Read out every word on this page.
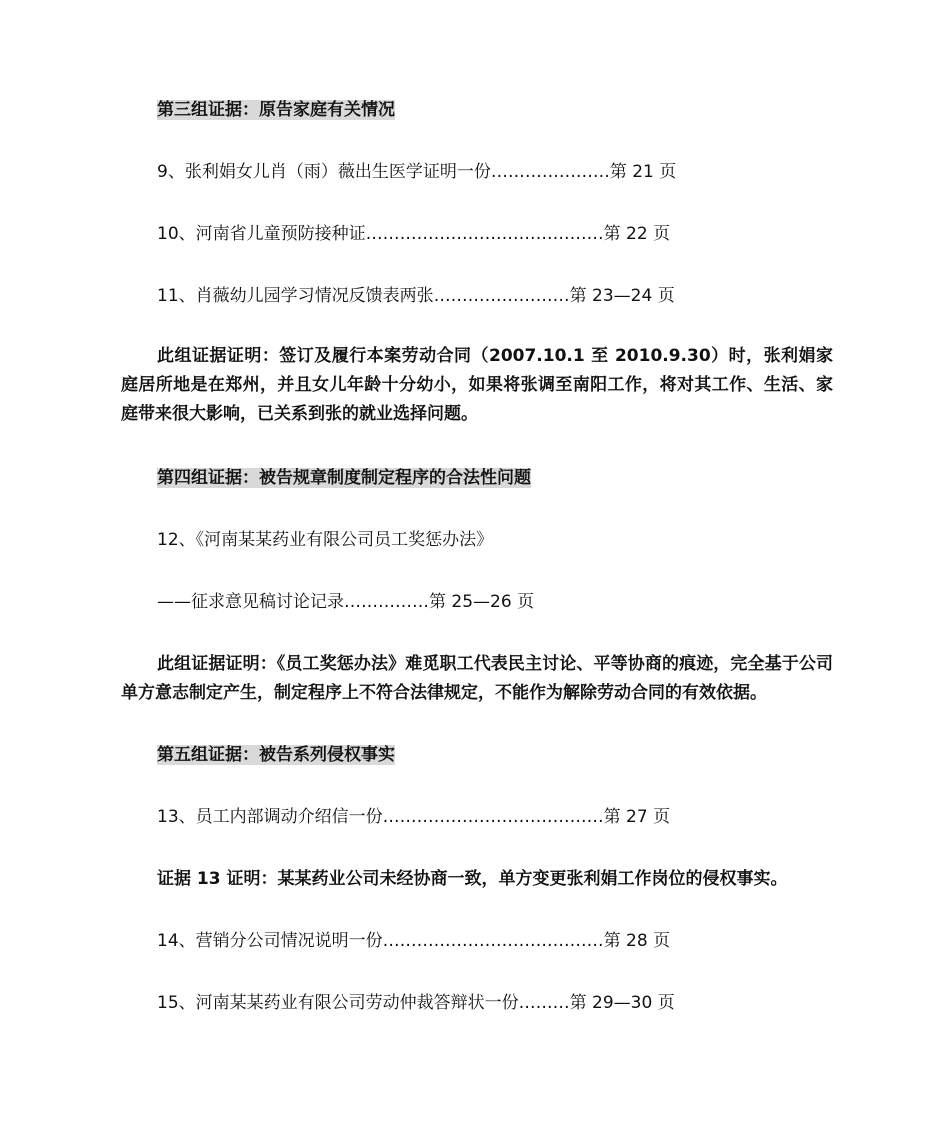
第三组证据：原告家庭有关情况
9、张利娟女儿肖（雨）薇出生医学证明一份…………………第 21 页
10、河南省儿童预防接种证……………………………………第 22 页
11、肖薇幼儿园学习情况反馈表两张……………………第 23—24 页
此组证据证明：签订及履行本案劳动合同（2007.10.1 至 2010.9.30）时，张利娟家庭居所地是在郑州，并且女儿年龄十分幼小，如果将张调至南阳工作，将对其工作、生活、家庭带来很大影响，已关系到张的就业选择问题。
第四组证据：被告规章制度制定程序的合法性问题
12、《河南某某药业有限公司员工奖惩办法》
——征求意见稿讨论记录……………第 25—26 页
此组证据证明：《员工奖惩办法》难觅职工代表民主讨论、平等协商的痕迹，完全基于公司单方意志制定产生，制定程序上不符合法律规定，不能作为解除劳动合同的有效依据。
第五组证据：被告系列侵权事实
13、员工内部调动介绍信一份…………………………………第 27 页
证据 13 证明：某某药业公司未经协商一致，单方变更张利娟工作岗位的侵权事实。
14、营销分公司情况说明一份…………………………………第 28 页
15、河南某某药业有限公司劳动仲裁答辩状一份………第 29—30 页
